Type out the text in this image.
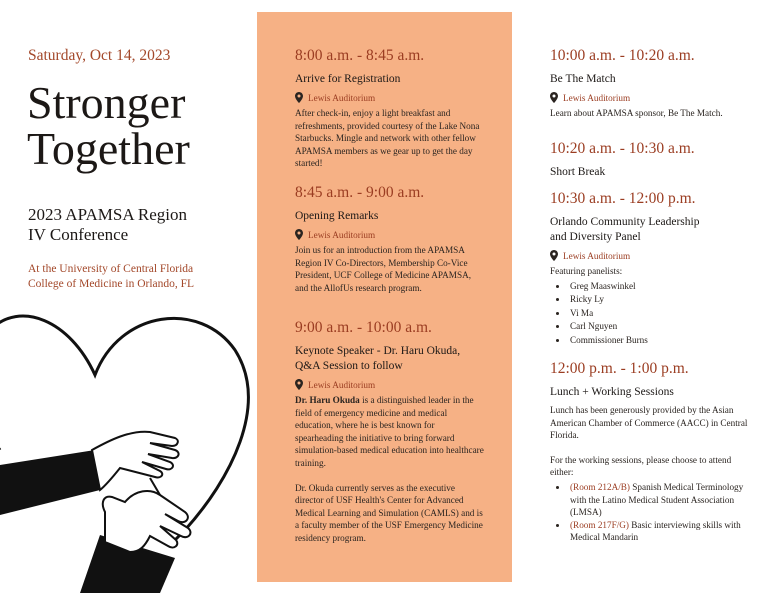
Saturday, Oct 14, 2023
Stronger
Together
2023 APAMSA Region
IV Conference
At the University of Central Florida
College of Medicine in Orlando, FL
8:00 a.m. - 8:45 a.m.
Arrive for Registration
Lewis Auditorium
After check-in, enjoy a light breakfast and refreshments, provided courtesy of the Lake Nona Starbucks. Mingle and network with other fellow APAMSA members as we gear up to get the day started!
8:45 a.m. - 9:00 a.m.
Opening Remarks
Lewis Auditorium
Join us for an introduction from the APAMSA Region IV Co-Directors, Membership Co-Vice President, UCF College of Medicine APAMSA, and the AllofUs research program.
9:00 a.m. - 10:00 a.m.
Keynote Speaker - Dr. Haru Okuda,
Q&A Session to follow
Lewis Auditorium
Dr. Haru Okuda is a distinguished leader in the field of emergency medicine and medical education, where he is best known for spearheading the initiative to bring forward simulation-based medical education into healthcare training.
Dr. Okuda currently serves as the executive director of USF Health's Center for Advanced Medical Learning and Simulation (CAMLS) and is a faculty member of the USF Emergency Medicine residency program.
10:00 a.m. - 10:20 a.m.
Be The Match
Lewis Auditorium
Learn about APAMSA sponsor, Be The Match.
10:20 a.m. - 10:30 a.m.
Short Break
10:30 a.m. - 12:00 p.m.
Orlando Community Leadership
and Diversity Panel
Lewis Auditorium
Featuring panelists:
• Greg Maaswinkel
• Ricky Ly
• Vi Ma
• Carl Nguyen
• Commissioner Burns
12:00 p.m. - 1:00 p.m.
Lunch + Working Sessions
Lunch has been generously provided by the Asian American Chamber of Commerce (AACC) in Central Florida.
For the working sessions, please choose to attend either:
• (Room 212A/B) Spanish Medical Terminology with the Latino Medical Student Association (LMSA)
• (Room 217F/G) Basic interviewing skills with Medical Mandarin
